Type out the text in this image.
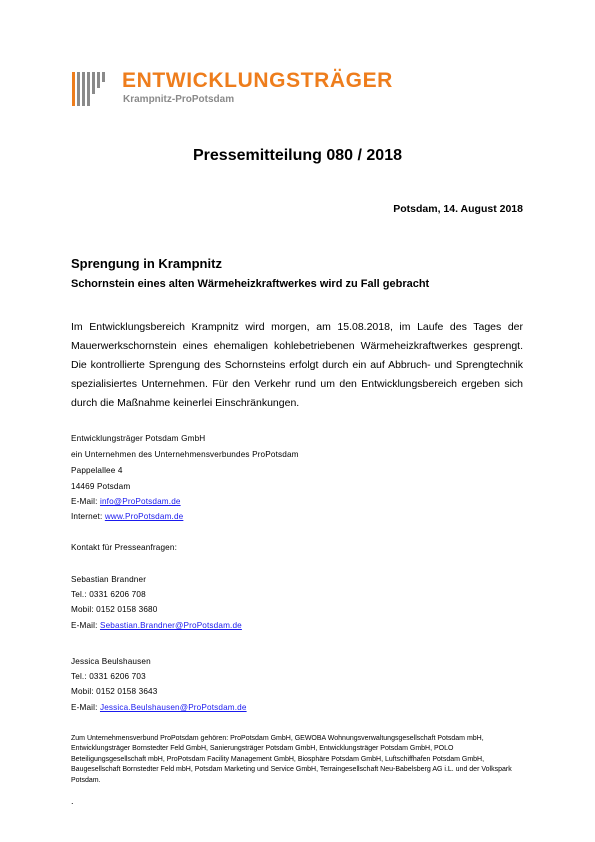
ENTWICKLUNGSTRÄGER
Krampnitz-ProPotsdam
Pressemitteilung 080 / 2018
Potsdam, 14. August 2018
Sprengung in Krampnitz
Schornstein eines alten Wärmeheizkraftwerkes wird zu Fall gebracht
Im Entwicklungsbereich Krampnitz wird morgen, am 15.08.2018, im Laufe des Tages der Mauerwerkschornstein eines ehemaligen kohlebetriebenen Wärmeheizkraftwerkes gesprengt. Die kontrollierte Sprengung des Schornsteins erfolgt durch ein auf Abbruch- und Sprengtechnik spezialisiertes Unternehmen. Für den Verkehr rund um den Entwicklungsbereich ergeben sich durch die Maßnahme keinerlei Einschränkungen.
Entwicklungsträger Potsdam GmbH
ein Unternehmen des Unternehmensverbundes ProPotsdam
Pappelallee 4
14469 Potsdam
E-Mail: info@ProPotsdam.de
Internet: www.ProPotsdam.de
Kontakt für Presseanfragen:
Sebastian Brandner
Tel.: 0331 6206 708
Mobil: 0152 0158 3680
E-Mail: Sebastian.Brandner@ProPotsdam.de
Jessica Beulshausen
Tel.: 0331 6206 703
Mobil: 0152 0158 3643
E-Mail: Jessica.Beulshausen@ProPotsdam.de
Zum Unternehmensverbund ProPotsdam gehören: ProPotsdam GmbH, GEWOBA Wohnungsverwaltungsgesellschaft Potsdam mbH, Entwicklungsträger Bornstedter Feld GmbH, Sanierungsträger Potsdam GmbH, Entwicklungsträger Potsdam GmbH, POLO Beteiligungsgesellschaft mbH, ProPotsdam Facility Management GmbH, Biosphäre Potsdam GmbH, Luftschiffhafen Potsdam GmbH, Baugesellschaft Bornstedter Feld mbH, Potsdam Marketing und Service GmbH, Terraingesellschaft Neu-Babelsberg AG i.L. und der Volkspark Potsdam.
.
